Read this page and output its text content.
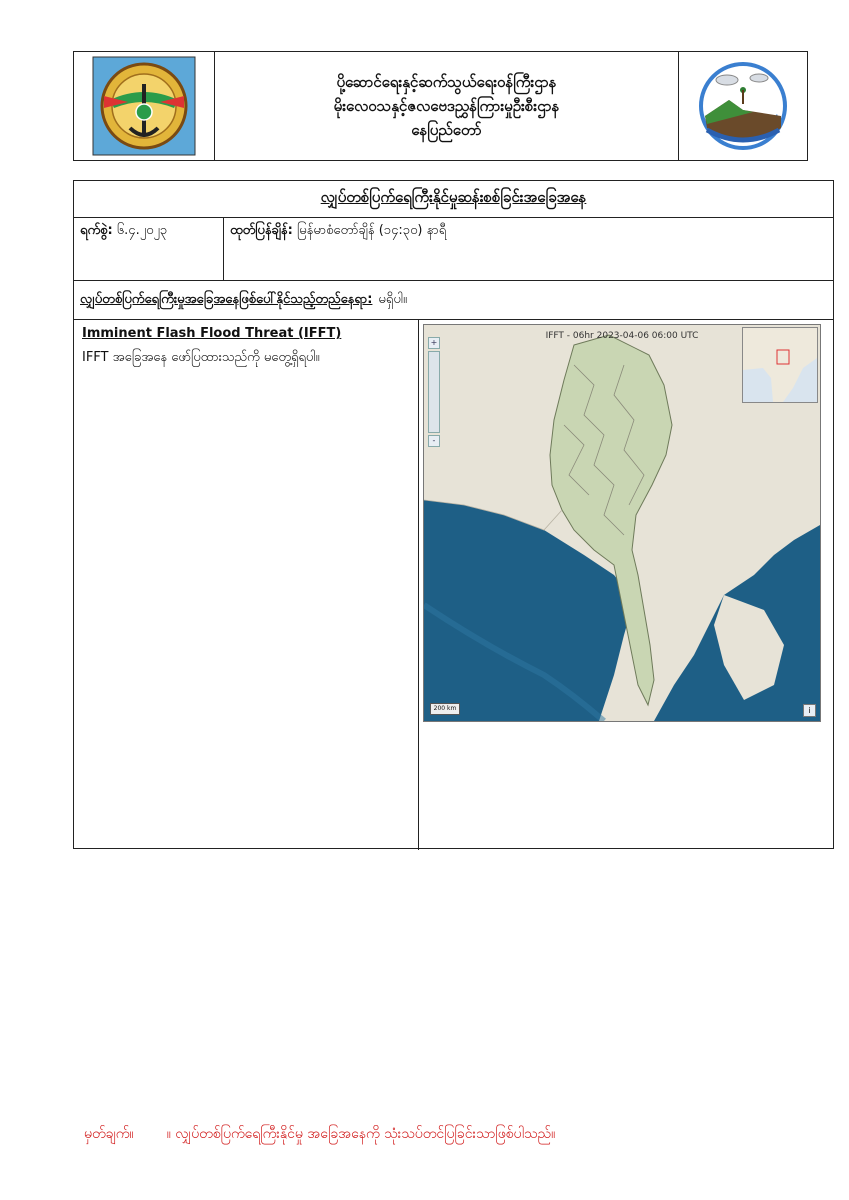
ပို့ဆောင်ရေးနှင့်ဆက်သွယ်ရေးဝန်ကြီးဌာန
မိုးလေဝသနှင့်ဇလဗေဒညွှန်ကြားမှုဦးစီးဌာန
နေပြည်တော်
လျှပ်တစ်ပြက်ရေကြီးနိုင်မှုဆန်းစစ်ခြင်းအခြေအနေ
ရက်စွဲ: ၆.၄.၂၀၂၃	ထုတ်ပြန်ချိန်: မြန်မာစံတော်ချိန် (၁၄:၃၀) နာရီ
လျှပ်တစ်ပြက်ရေကြီးမှုအခြေအနေဖြစ်ပေါ်နိုင်သည့်တည်နေရာ: မရှိပါ။
Imminent Flash Flood Threat (IFFT)
IFFT အခြေအနေ ဖော်ပြထားသည်ကို မတွေ့ရှိရပါ။
IFFT - 06hr 2023-04-06 06:00 UTC
+
-
200 km	i
မှတ်ချက်။ ။ လျှပ်တစ်ပြက်ရေကြီးနိုင်မှု အခြေအနေကို သုံးသပ်တင်ပြခြင်းသာဖြစ်ပါသည်။
